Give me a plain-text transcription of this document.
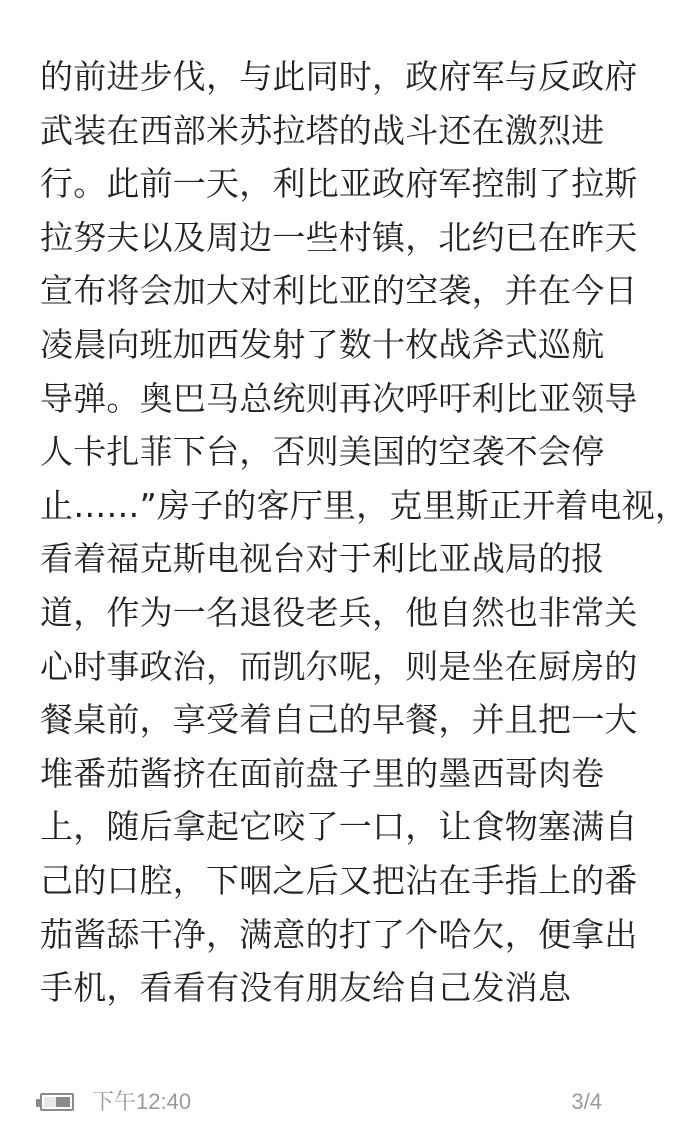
的前进步伐，与此同时，政府军与反政府
武装在西部米苏拉塔的战斗还在激烈进
行。此前一天，利比亚政府军控制了拉斯
拉努夫以及周边一些村镇，北约已在昨天
宣布将会加大对利比亚的空袭，并在今日
凌晨向班加西发射了数十枚战斧式巡航
导弹。奥巴马总统则再次呼吁利比亚领导
人卡扎菲下台，否则美国的空袭不会停
止……”房子的客厅里，克里斯正开着电视，
看着福克斯电视台对于利比亚战局的报
道，作为一名退役老兵，他自然也非常关
心时事政治，而凯尔呢，则是坐在厨房的
餐桌前，享受着自己的早餐，并且把一大
堆番茄酱挤在面前盘子里的墨西哥肉卷
上，随后拿起它咬了一口，让食物塞满自
己的口腔，下咽之后又把沾在手指上的番
茄酱舔干净，满意的打了个哈欠，便拿出
手机，看看有没有朋友给自己发消息
下午12:40	3/4
